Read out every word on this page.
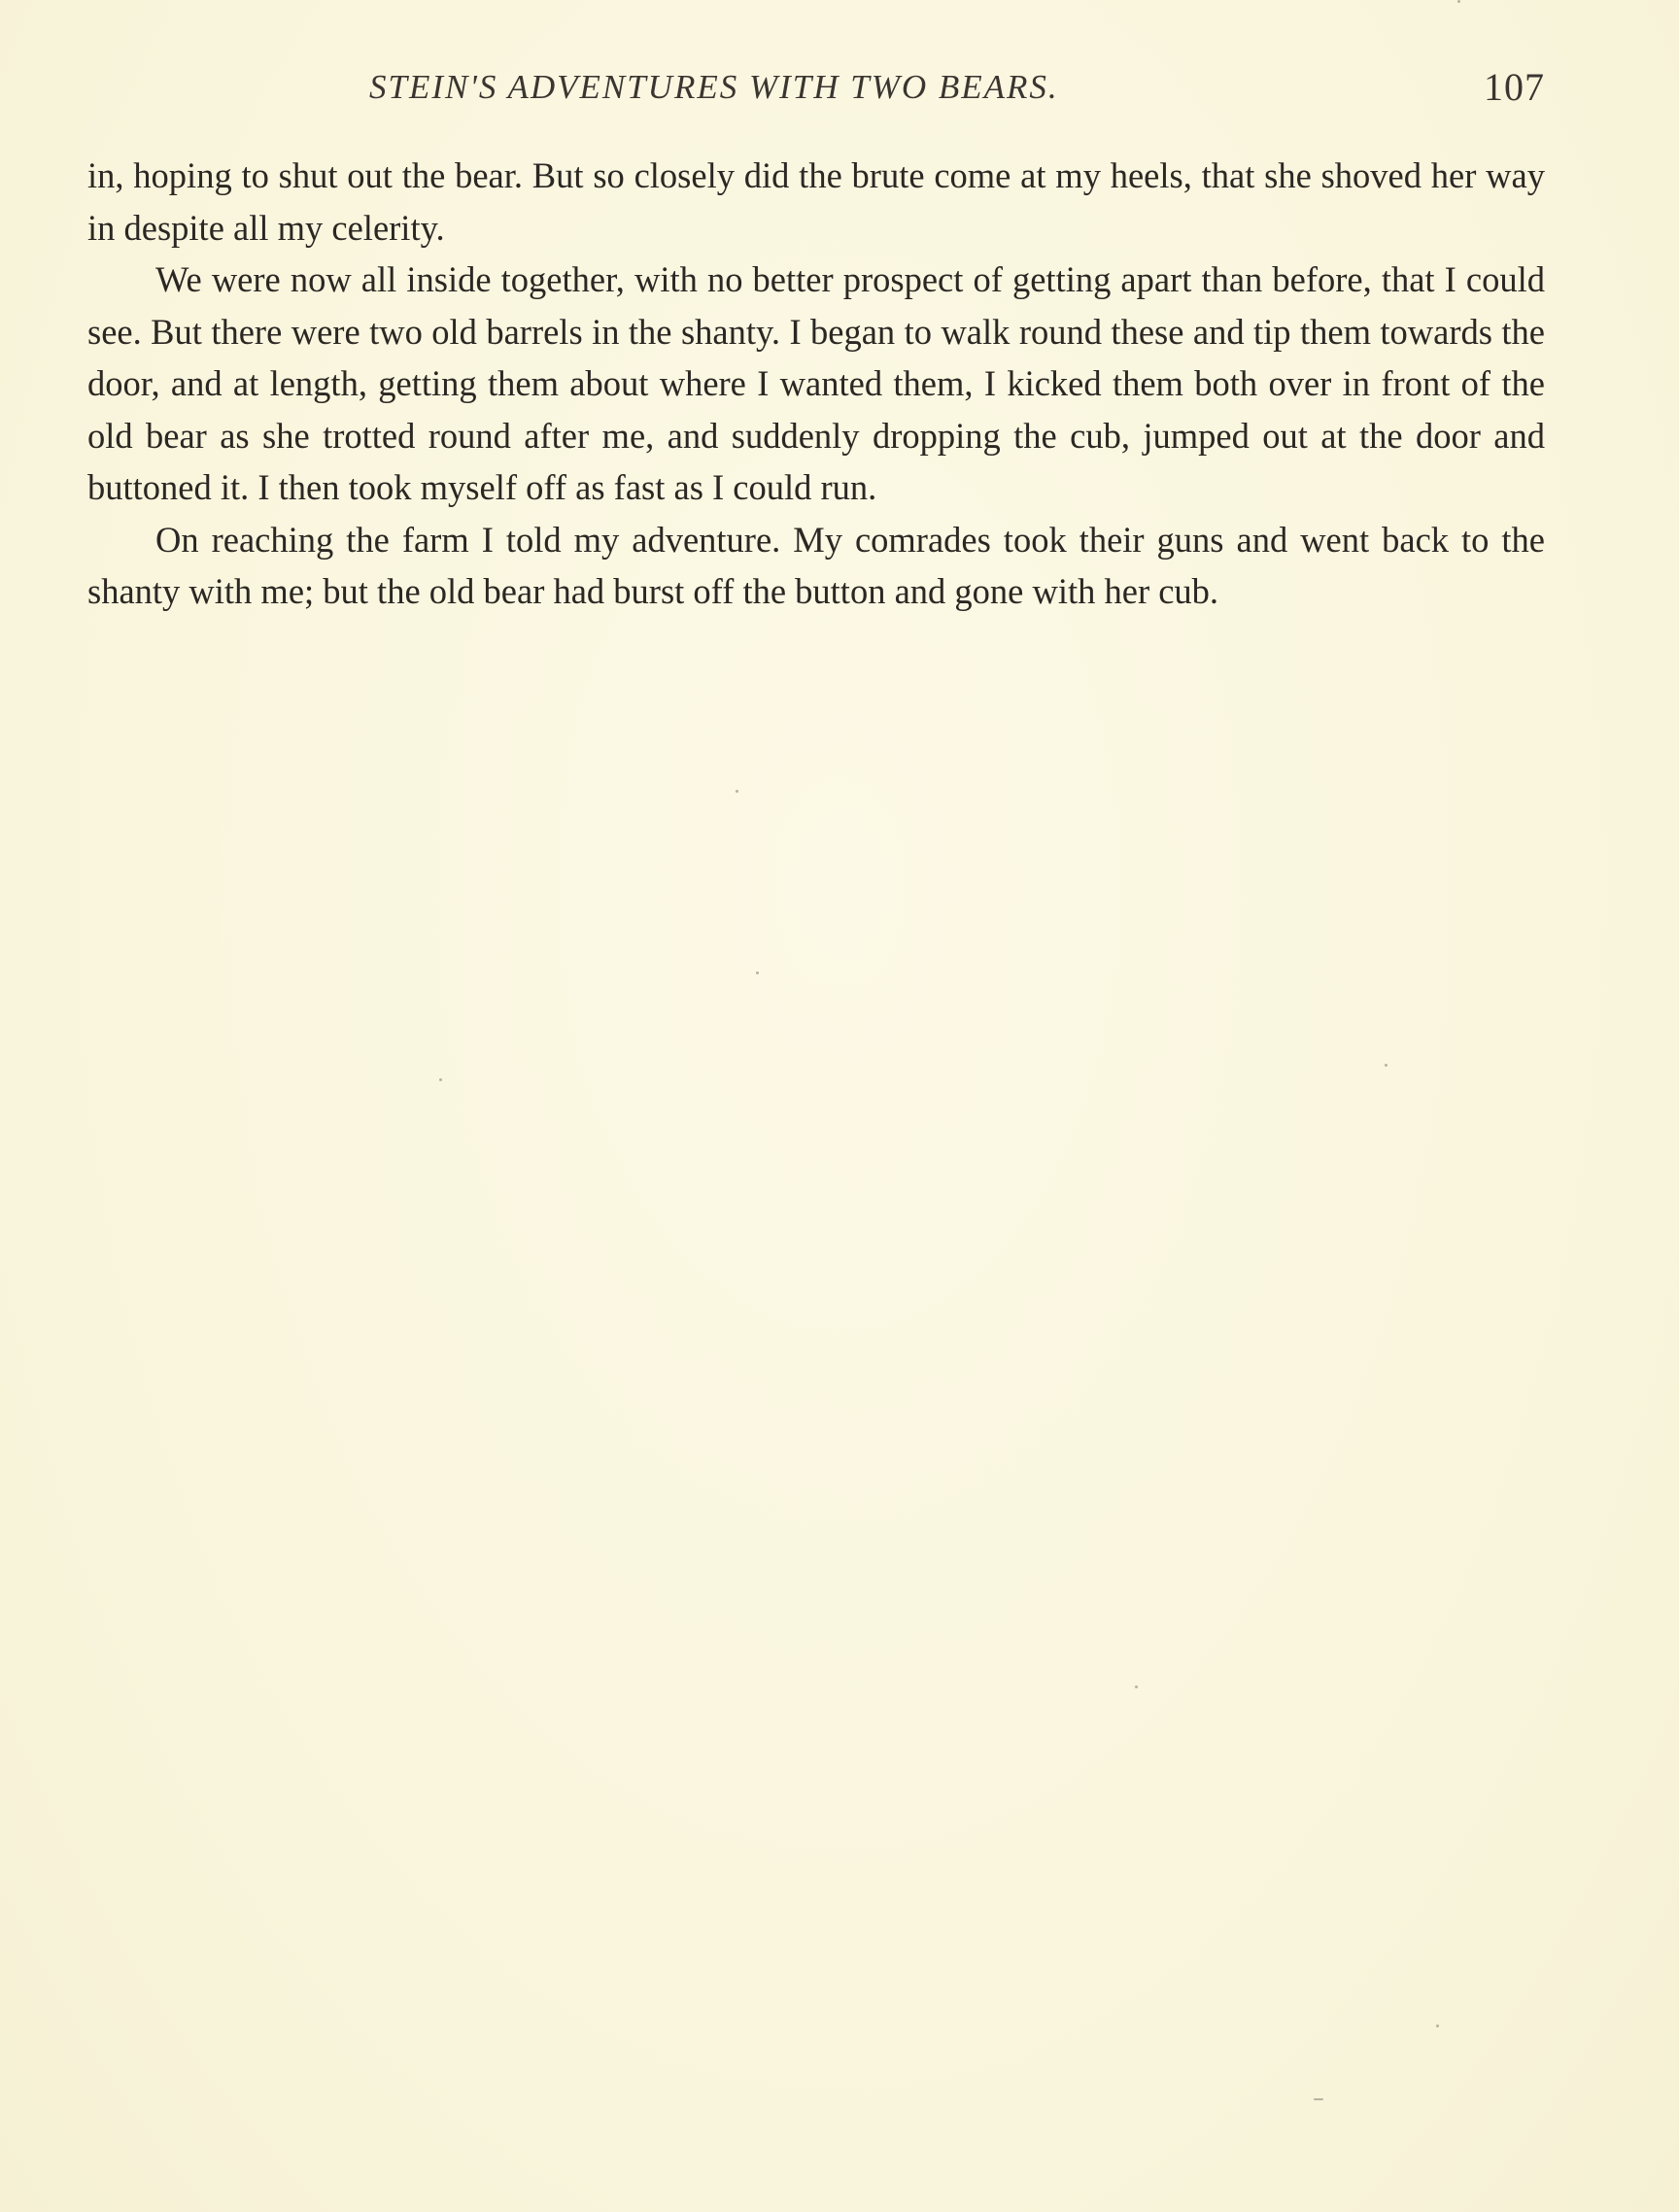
STEIN'S ADVENTURES WITH TWO BEARS.	107

in, hoping to shut out the bear. But so closely did the brute come at my heels, that she shoved her way in despite all my celerity.

We were now all inside together, with no better prospect of getting apart than before, that I could see. But there were two old barrels in the shanty. I began to walk round these and tip them towards the door, and at length, getting them about where I wanted them, I kicked them both over in front of the old bear as she trotted round after me, and suddenly dropping the cub, jumped out at the door and buttoned it. I then took myself off as fast as I could run.

On reaching the farm I told my adventure. My comrades took their guns and went back to the shanty with me; but the old bear had burst off the button and gone with her cub.
